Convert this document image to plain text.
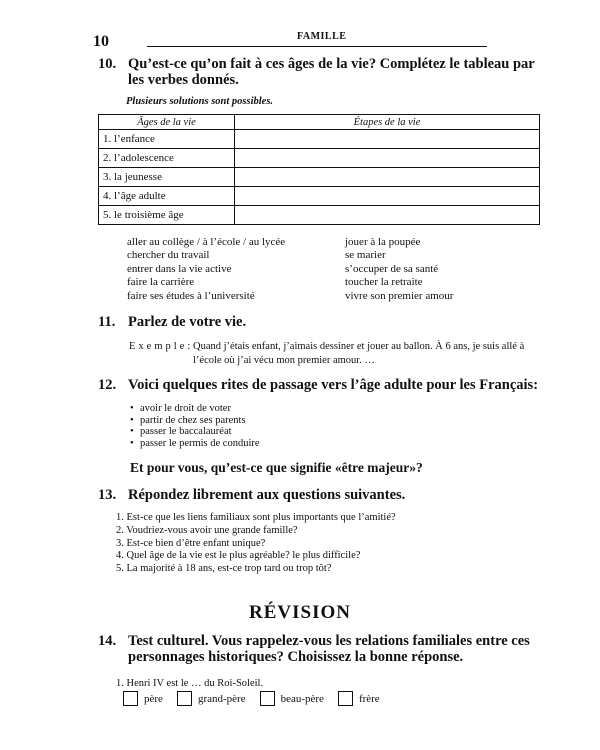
10	FAMILLE
10. Qu’est-ce qu’on fait à ces âges de la vie? Complétez le tableau par les verbes donnés.
Plusieurs solutions sont possibles.
Âges de la vie	Étapes de la vie
1. l’enfance	
2. l’adolescence	
3. la jeunesse	
4. l’âge adulte	
5. le troisième âge	
aller au collège / à l’école / au lycée
chercher du travail
entrer dans la vie active
faire la carrière
faire ses études à l’université
jouer à la poupée
se marier
s’occuper de sa santé
toucher la retraite
vivre son premier amour
11. Parlez de votre vie.
Exemple:Quand j’étais enfant, j’aimais dessiner et jouer au ballon. À 6 ans, je suis allé à l’école où j’ai vécu mon premier amour. …
12. Voici quelques rites de passage vers l’âge adulte pour les Français:
• avoir le droit de voter
• partir de chez ses parents
• passer le baccalauréat
• passer le permis de conduire
Et pour vous, qu’est-ce que signifie «être majeur»?
13. Répondez librement aux questions suivantes.
1. Est-ce que les liens familiaux sont plus importants que l’amitié?
2. Voudriez-vous avoir une grande famille?
3. Est-ce bien d’être enfant unique?
4. Quel âge de la vie est le plus agréable? le plus difficile?
5. La majorité à 18 ans, est-ce trop tard ou trop tôt?
RÉVISION
14. Test culturel. Vous rappelez-vous les relations familiales entre ces personnages historiques? Choisissez la bonne réponse.
1. Henri IV est le … du Roi-Soleil.
père	grand-père	beau-père	frère
